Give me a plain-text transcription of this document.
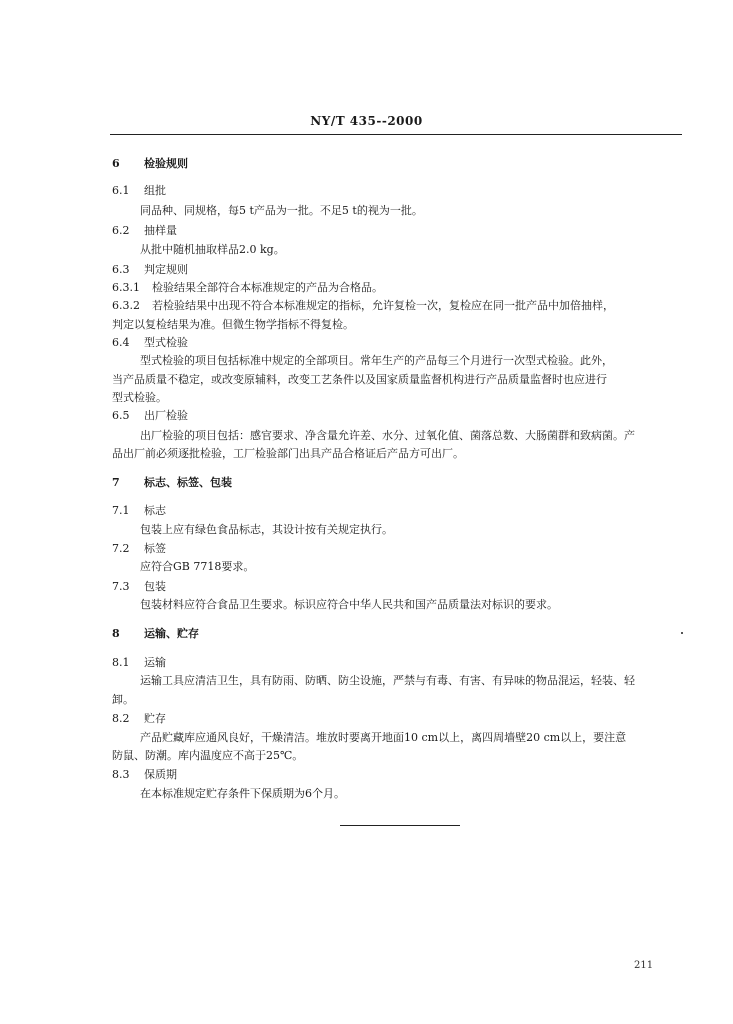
NY/T 435--2000
6 检验规则
6.1 组批
同品种、同规格，每5 t产品为一批。不足5 t的视为一批。
6.2 抽样量
从批中随机抽取样品2.0 kg。
6.3 判定规则
6.3.1 检验结果全部符合本标准规定的产品为合格品。
6.3.2 若检验结果中出现不符合本标准规定的指标，允许复检一次，复检应在同一批产品中加倍抽样，
判定以复检结果为准。但微生物学指标不得复检。
6.4 型式检验
型式检验的项目包括标准中规定的全部项目。常年生产的产品每三个月进行一次型式检验。此外，
当产品质量不稳定，或改变原辅料，改变工艺条件以及国家质量监督机构进行产品质量监督时也应进行
型式检验。
6.5 出厂检验
出厂检验的项目包括：感官要求、净含量允许差、水分、过氧化值、菌落总数、大肠菌群和致病菌。产
品出厂前必须逐批检验，工厂检验部门出具产品合格证后产品方可出厂。
7 标志、标签、包装
7.1 标志
包装上应有绿色食品标志，其设计按有关规定执行。
7.2 标签
应符合GB 7718要求。
7.3 包装
包装材料应符合食品卫生要求。标识应符合中华人民共和国产品质量法对标识的要求。
8 运输、贮存
8.1 运输
运输工具应清洁卫生，具有防雨、防晒、防尘设施，严禁与有毒、有害、有异味的物品混运，轻装、轻
卸。
8.2 贮存
产品贮藏库应通风良好，干燥清洁。堆放时要离开地面10 cm以上，离四周墙壁20 cm以上，要注意
防鼠、防潮。库内温度应不高于25℃。
8.3 保质期
在本标准规定贮存条件下保质期为6个月。
211
